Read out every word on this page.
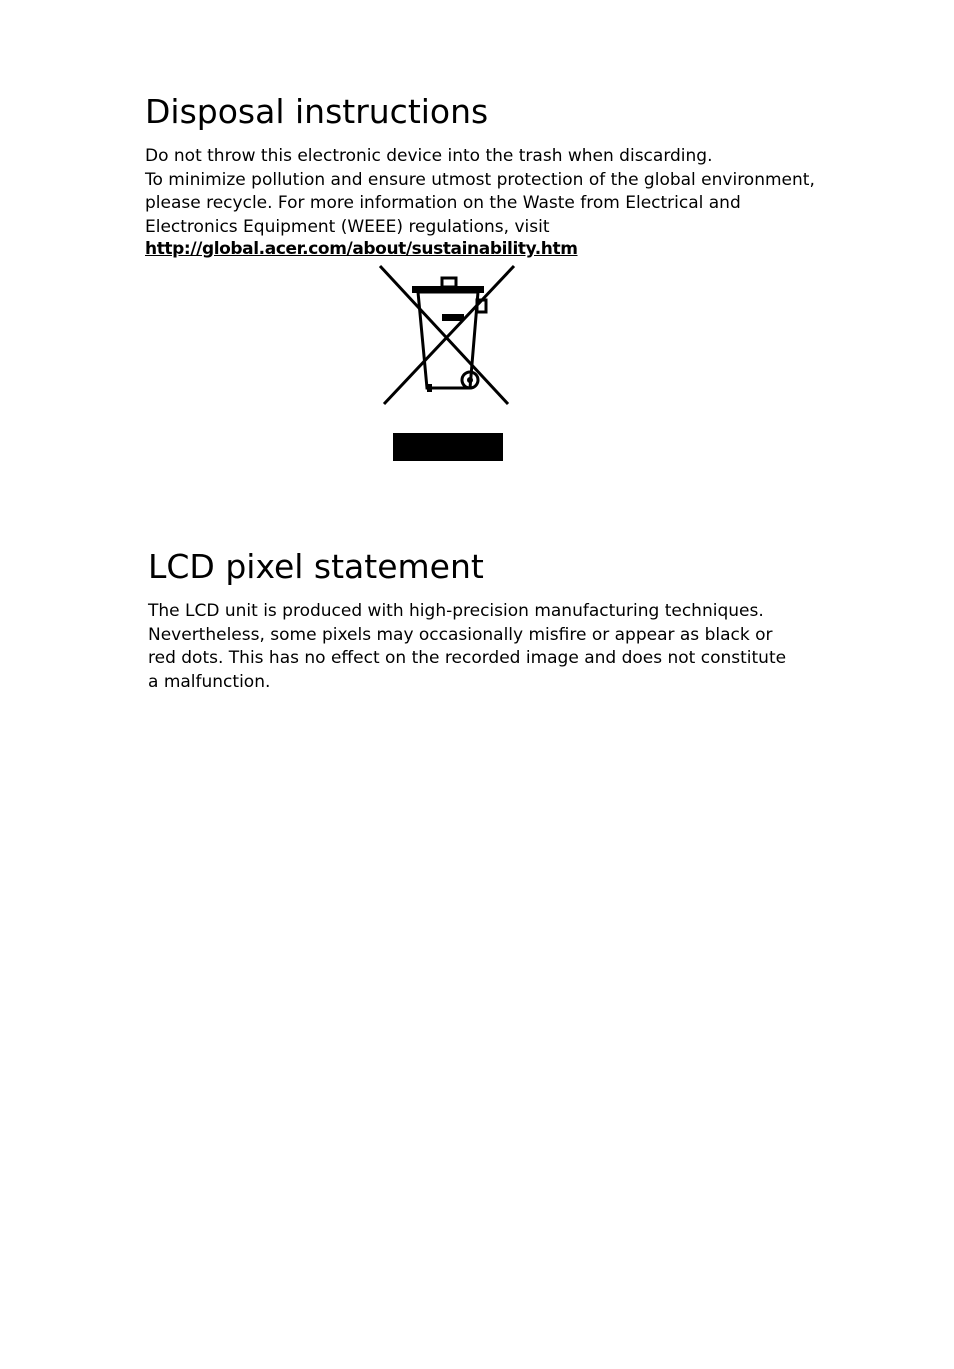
Disposal instructions
Do not throw this electronic device into the trash when discarding.
To minimize pollution and ensure utmost protection of the global environment,
please recycle. For more information on the Waste from Electrical and
Electronics Equipment (WEEE) regulations, visit
http://global.acer.com/about/sustainability.htm
LCD pixel statement
The LCD unit is produced with high-precision manufacturing techniques.
Nevertheless, some pixels may occasionally misfire or appear as black or
red dots. This has no effect on the recorded image and does not constitute
a malfunction.
